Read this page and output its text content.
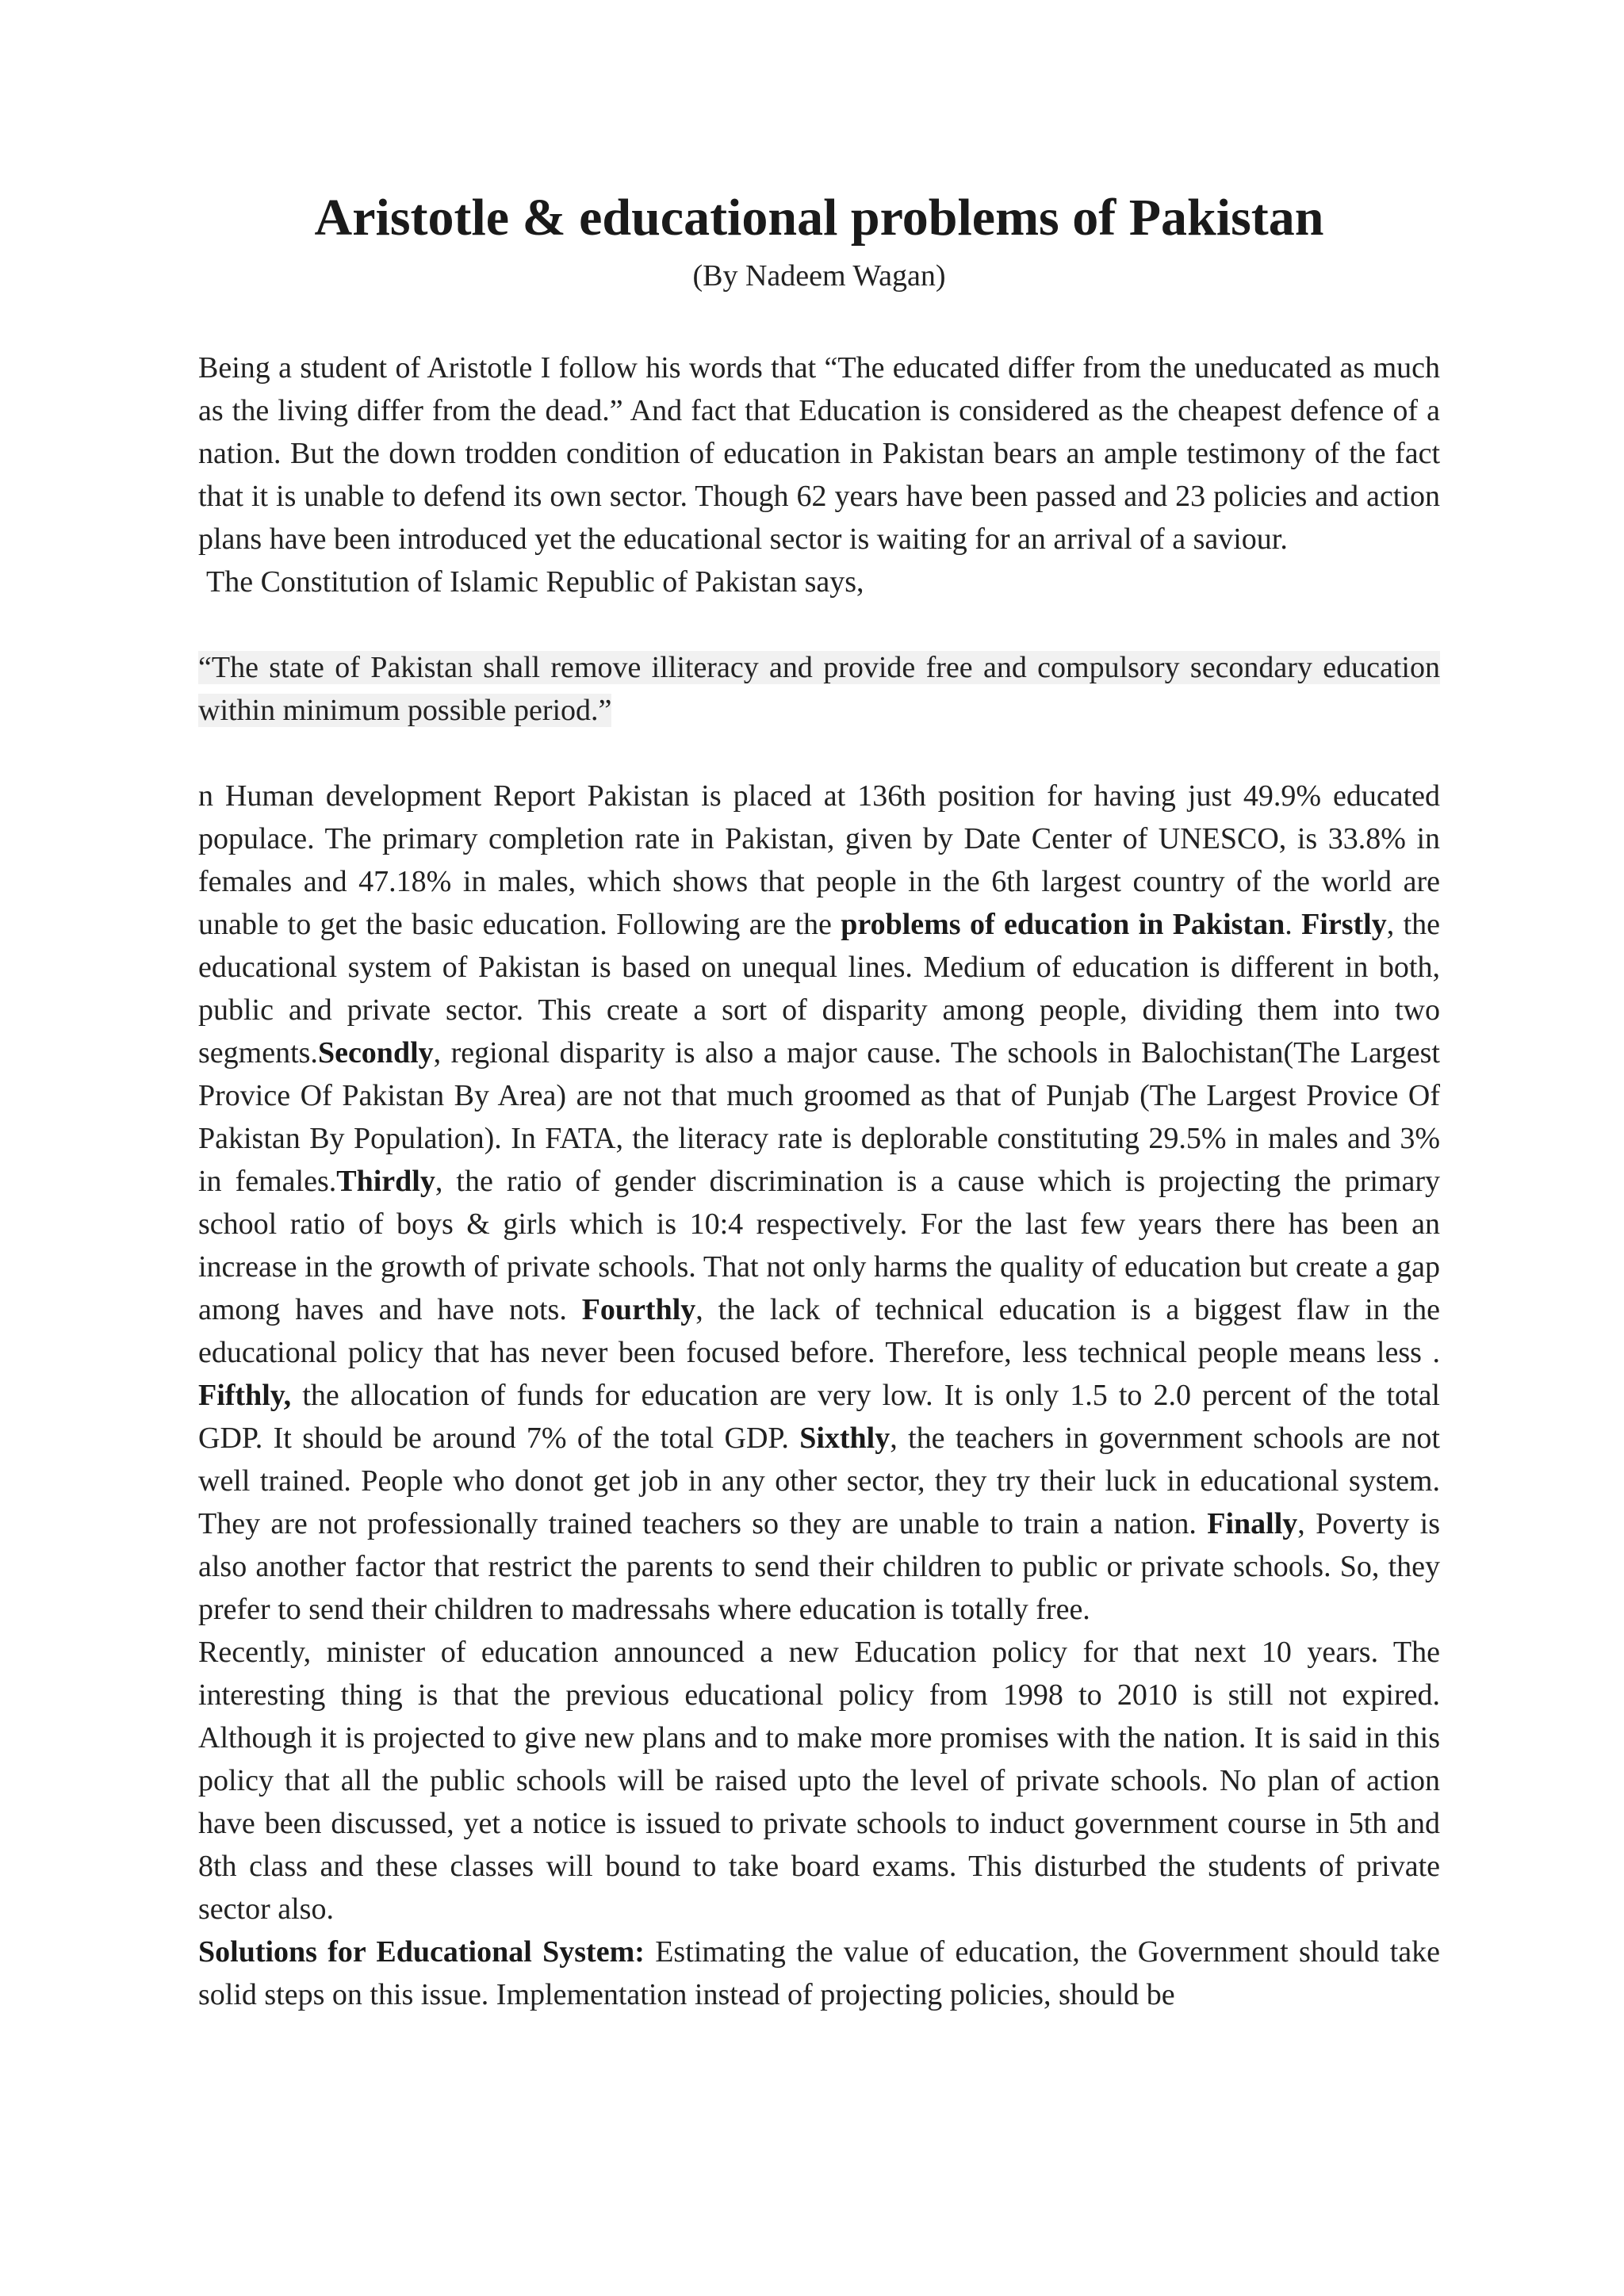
Aristotle & educational problems of Pakistan

(By Nadeem Wagan)

Being a student of Aristotle I follow his words that “The educated differ from the uneducated as much as the living differ from the dead.” And fact that Education is considered as the cheapest defence of a nation. But the down trodden condition of education in Pakistan bears an ample testimony of the fact that it is unable to defend its own sector. Though 62 years have been passed and 23 policies and action plans have been introduced yet the educational sector is waiting for an arrival of a saviour.

The Constitution of Islamic Republic of Pakistan says,

“The state of Pakistan shall remove illiteracy and provide free and compulsory secondary education within minimum possible period.”

n Human development Report Pakistan is placed at 136th position for having just 49.9% educated populace. The primary completion rate in Pakistan, given by Date Center of UNESCO, is 33.8% in females and 47.18% in males, which shows that people in the 6th largest country of the world are unable to get the basic education. Following are the problems of education in Pakistan. Firstly, the educational system of Pakistan is based on unequal lines. Medium of education is different in both, public and private sector. This create a sort of disparity among people, dividing them into two segments.Secondly, regional disparity is also a major cause. The schools in Balochistan(The Largest Provice Of Pakistan By Area) are not that much groomed as that of Punjab (The Largest Provice Of Pakistan By Population). In FATA, the literacy rate is deplorable constituting 29.5% in males and 3% in females.Thirdly, the ratio of gender discrimination is a cause which is projecting the primary school ratio of boys & girls which is 10:4 respectively. For the last few years there has been an increase in the growth of private schools. That not only harms the quality of education but create a gap among haves and have nots. Fourthly, the lack of technical education is a biggest flaw in the educational policy that has never been focused before. Therefore, less technical people means less . Fifthly, the allocation of funds for education are very low. It is only 1.5 to 2.0 percent of the total GDP. It should be around 7% of the total GDP. Sixthly, the teachers in government schools are not well trained. People who donot get job in any other sector, they try their luck in educational system. They are not professionally trained teachers so they are unable to train a nation. Finally, Poverty is also another factor that restrict the parents to send their children to public or private schools. So, they prefer to send their children to madressahs where education is totally free.

Recently, minister of education announced a new Education policy for that next 10 years. The interesting thing is that the previous educational policy from 1998 to 2010 is still not expired. Although it is projected to give new plans and to make more promises with the nation. It is said in this policy that all the public schools will be raised upto the level of private schools. No plan of action have been discussed, yet a notice is issued to private schools to induct government course in 5th and 8th class and these classes will bound to take board exams. This disturbed the students of private sector also.

Solutions for Educational System: Estimating the value of education, the Government should take solid steps on this issue. Implementation instead of projecting policies, should be
